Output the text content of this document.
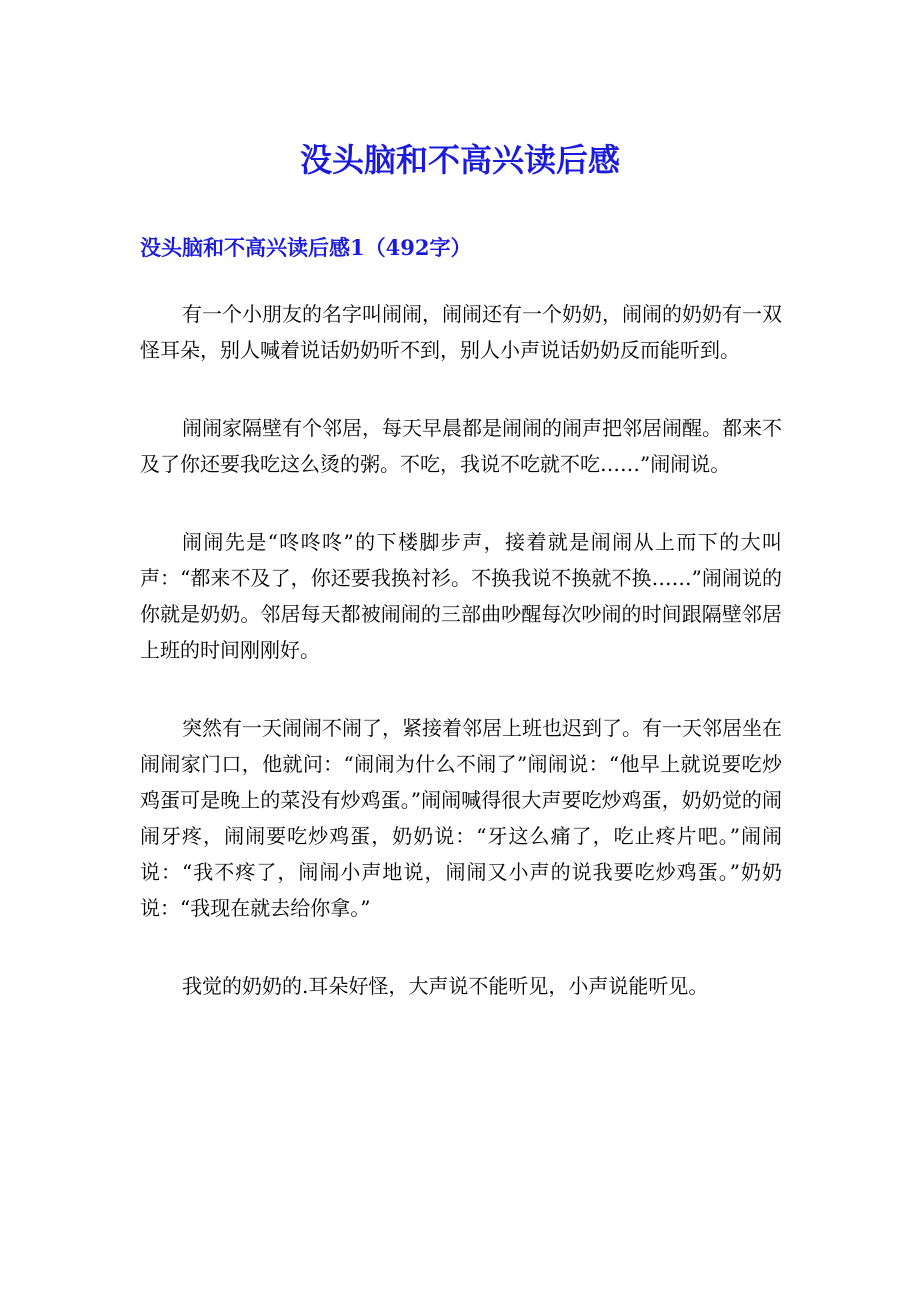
没头脑和不高兴读后感
没头脑和不高兴读后感1（492字）

有一个小朋友的名字叫闹闹，闹闹还有一个奶奶，闹闹的奶奶有一双怪耳朵，别人喊着说话奶奶听不到，别人小声说话奶奶反而能听到。

闹闹家隔壁有个邻居，每天早晨都是闹闹的闹声把邻居闹醒。都来不及了你还要我吃这么烫的粥。不吃，我说不吃就不吃……”闹闹说。

闹闹先是“咚咚咚”的下楼脚步声，接着就是闹闹从上而下的大叫声：“都来不及了，你还要我换衬衫。不换我说不换就不换……”闹闹说的你就是奶奶。邻居每天都被闹闹的三部曲吵醒每次吵闹的时间跟隔壁邻居上班的时间刚刚好。

突然有一天闹闹不闹了，紧接着邻居上班也迟到了。有一天邻居坐在闹闹家门口，他就问：“闹闹为什么不闹了”闹闹说：“他早上就说要吃炒鸡蛋可是晚上的菜没有炒鸡蛋。”闹闹喊得很大声要吃炒鸡蛋，奶奶觉的闹闹牙疼，闹闹要吃炒鸡蛋，奶奶说：“牙这么痛了，吃止疼片吧。”闹闹说：“我不疼了，闹闹小声地说，闹闹又小声的说我要吃炒鸡蛋。”奶奶说：“我现在就去给你拿。”

我觉的奶奶的.耳朵好怪，大声说不能听见，小声说能听见。
